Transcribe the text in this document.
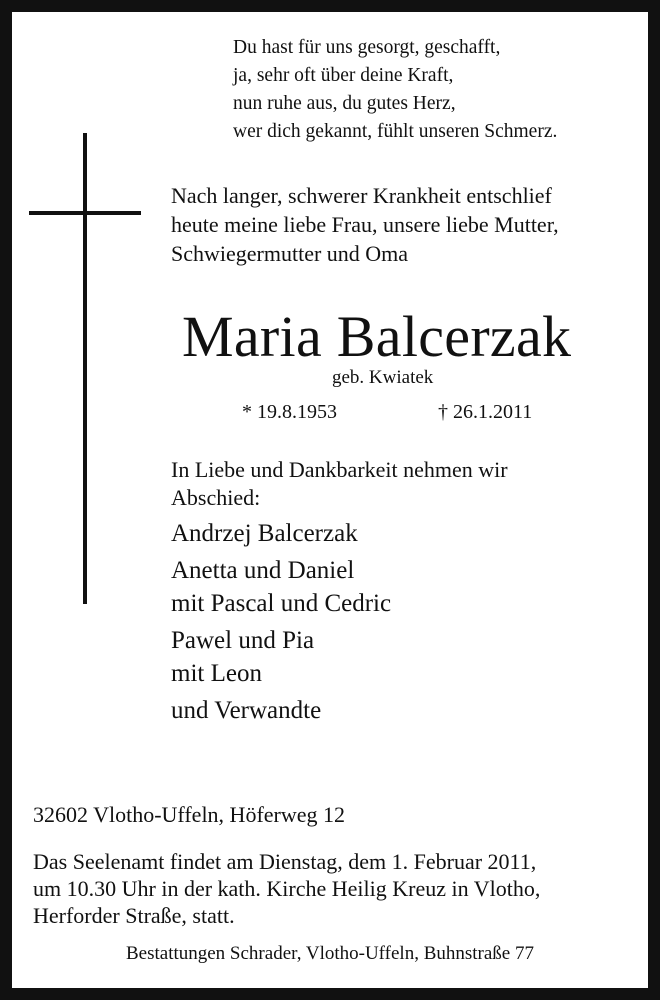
Du hast für uns gesorgt, geschafft,
ja, sehr oft über deine Kraft,
nun ruhe aus, du gutes Herz,
wer dich gekannt, fühlt unseren Schmerz.
Nach langer, schwerer Krankheit entschlief
heute meine liebe Frau, unsere liebe Mutter,
Schwiegermutter und Oma
Maria Balcerzak
geb. Kwiatek
* 19.8.1953	† 26.1.2011
In Liebe und Dankbarkeit nehmen wir
Abschied:
Andrzej Balcerzak
Anetta und Daniel
mit Pascal und Cedric
Pawel und Pia
mit Leon
und Verwandte
32602 Vlotho-Uffeln, Höferweg 12
Das Seelenamt findet am Dienstag, dem 1. Februar 2011,
um 10.30 Uhr in der kath. Kirche Heilig Kreuz in Vlotho,
Herforder Straße, statt.
Bestattungen Schrader, Vlotho-Uffeln, Buhnstraße 77
